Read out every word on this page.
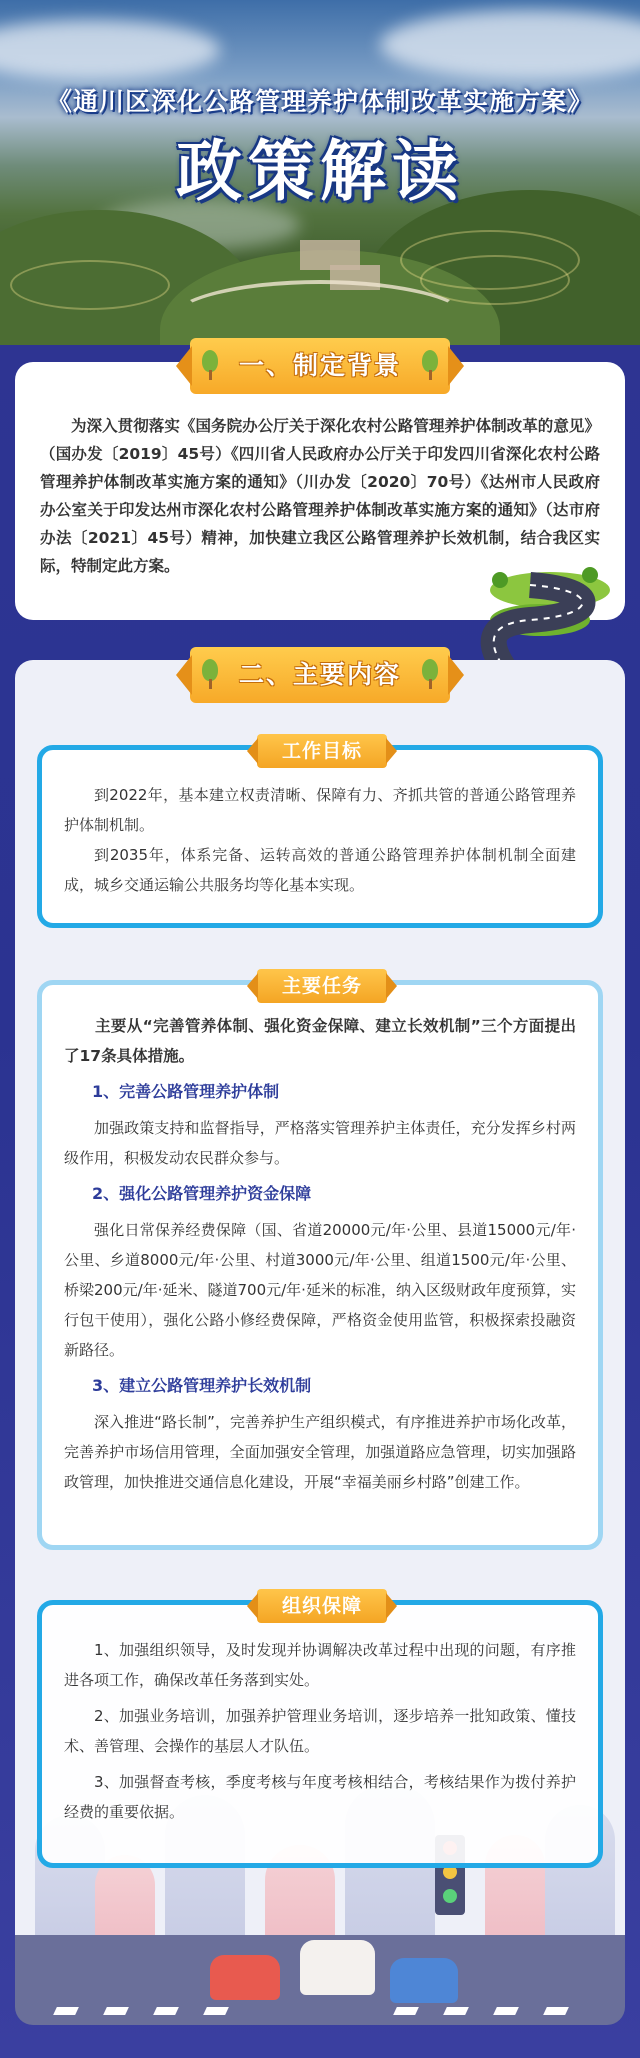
《通川区深化公路管理养护体制改革实施方案》
政策解读
一、制定背景
为深入贯彻落实《国务院办公厅关于深化农村公路管理养护体制改革的意见》（国办发〔2019〕45号）《四川省人民政府办公厅关于印发四川省深化农村公路管理养护体制改革实施方案的通知》（川办发〔2020〕70号）《达州市人民政府办公室关于印发达州市深化农村公路管理养护体制改革实施方案的通知》（达市府办法〔2021〕45号）精神，加快建立我区公路管理养护长效机制，结合我区实际，特制定此方案。
二、主要内容
工作目标

到2022年，基本建立权责清晰、保障有力、齐抓共管的普通公路管理养护体制机制。

到2035年，体系完备、运转高效的普通公路管理养护体制机制全面建成，城乡交通运输公共服务均等化基本实现。

主要任务

主要从“完善管养体制、强化资金保障、建立长效机制”三个方面提出了17条具体措施。

1、完善公路管理养护体制

加强政策支持和监督指导，严格落实管理养护主体责任，充分发挥乡村两级作用，积极发动农民群众参与。

2、强化公路管理养护资金保障

强化日常保养经费保障（国、省道20000元/年·公里、县道15000元/年·公里、乡道8000元/年·公里、村道3000元/年·公里、组道1500元/年·公里、桥梁200元/年·延米、隧道700元/年·延米的标准，纳入区级财政年度预算，实行包干使用），强化公路小修经费保障，严格资金使用监管，积极探索投融资新路径。

3、建立公路管理养护长效机制

深入推进“路长制”，完善养护生产组织模式，有序推进养护市场化改革，完善养护市场信用管理，全面加强安全管理，加强道路应急管理，切实加强路政管理，加快推进交通信息化建设，开展“幸福美丽乡村路”创建工作。

组织保障

1、加强组织领导，及时发现并协调解决改革过程中出现的问题，有序推进各项工作，确保改革任务落到实处。

2、加强业务培训，加强养护管理业务培训，逐步培养一批知政策、懂技术、善管理、会操作的基层人才队伍。

3、加强督查考核，季度考核与年度考核相结合，考核结果作为拨付养护经费的重要依据。
